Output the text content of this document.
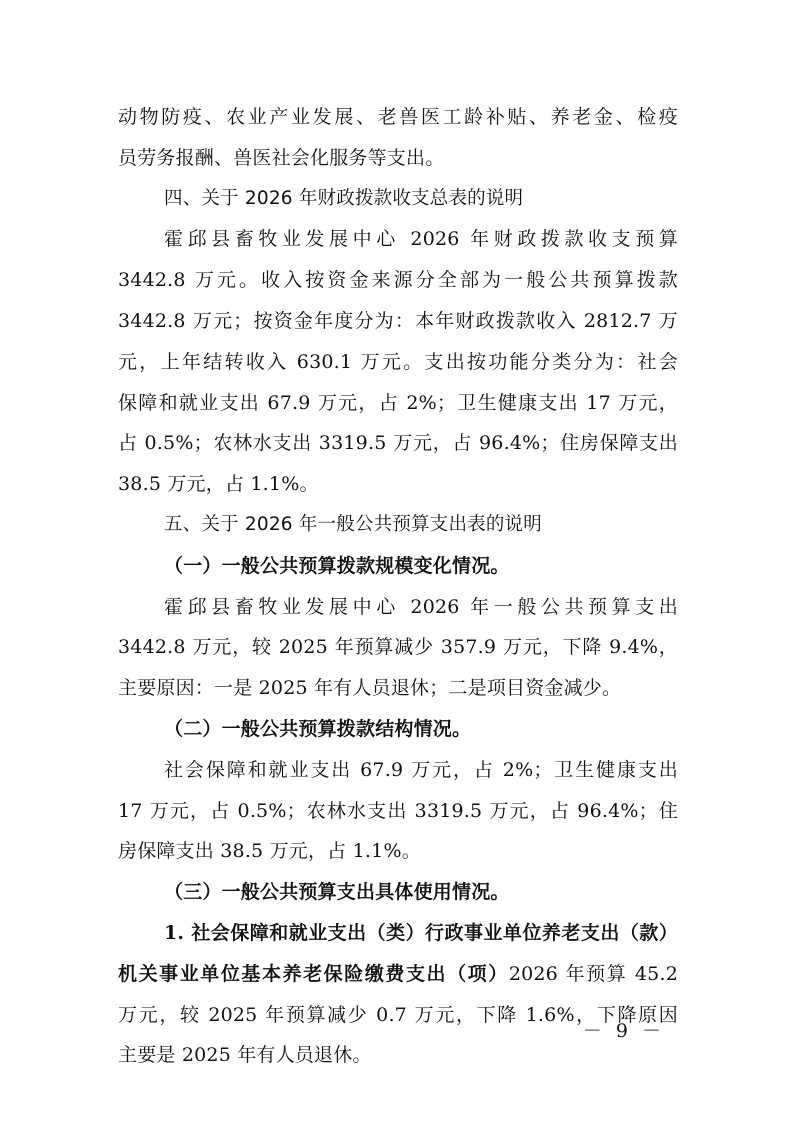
动物防疫、农业产业发展、老兽医工龄补贴、养老金、检疫
员劳务报酬、兽医社会化服务等支出。
四、关于 2026 年财政拨款收支总表的说明
霍邱县畜牧业发展中心 2026 年财政拨款收支预算
3442.8 万元。收入按资金来源分全部为一般公共预算拨款
3442.8 万元；按资金年度分为：本年财政拨款收入 2812.7 万
元，上年结转收入 630.1 万元。支出按功能分类分为：社会
保障和就业支出 67.9 万元，占 2%；卫生健康支出 17 万元，
占 0.5%；农林水支出 3319.5 万元，占 96.4%；住房保障支出
38.5 万元，占 1.1%。
五、关于 2026 年一般公共预算支出表的说明
（一）一般公共预算拨款规模变化情况。
霍邱县畜牧业发展中心 2026 年一般公共预算支出
3442.8 万元，较 2025 年预算减少 357.9 万元，下降 9.4%，
主要原因：一是 2025 年有人员退休；二是项目资金减少。
（二）一般公共预算拨款结构情况。
社会保障和就业支出 67.9 万元，占 2%；卫生健康支出
17 万元，占 0.5%；农林水支出 3319.5 万元，占 96.4%；住
房保障支出 38.5 万元，占 1.1%。
（三）一般公共预算支出具体使用情况。
1. 社会保障和就业支出（类）行政事业单位养老支出（款）
机关事业单位基本养老保险缴费支出（项）2026 年预算 45.2
万元，较 2025 年预算减少 0.7 万元，下降 1.6%，下降原因
主要是 2025 年有人员退休。
－ 9 －
